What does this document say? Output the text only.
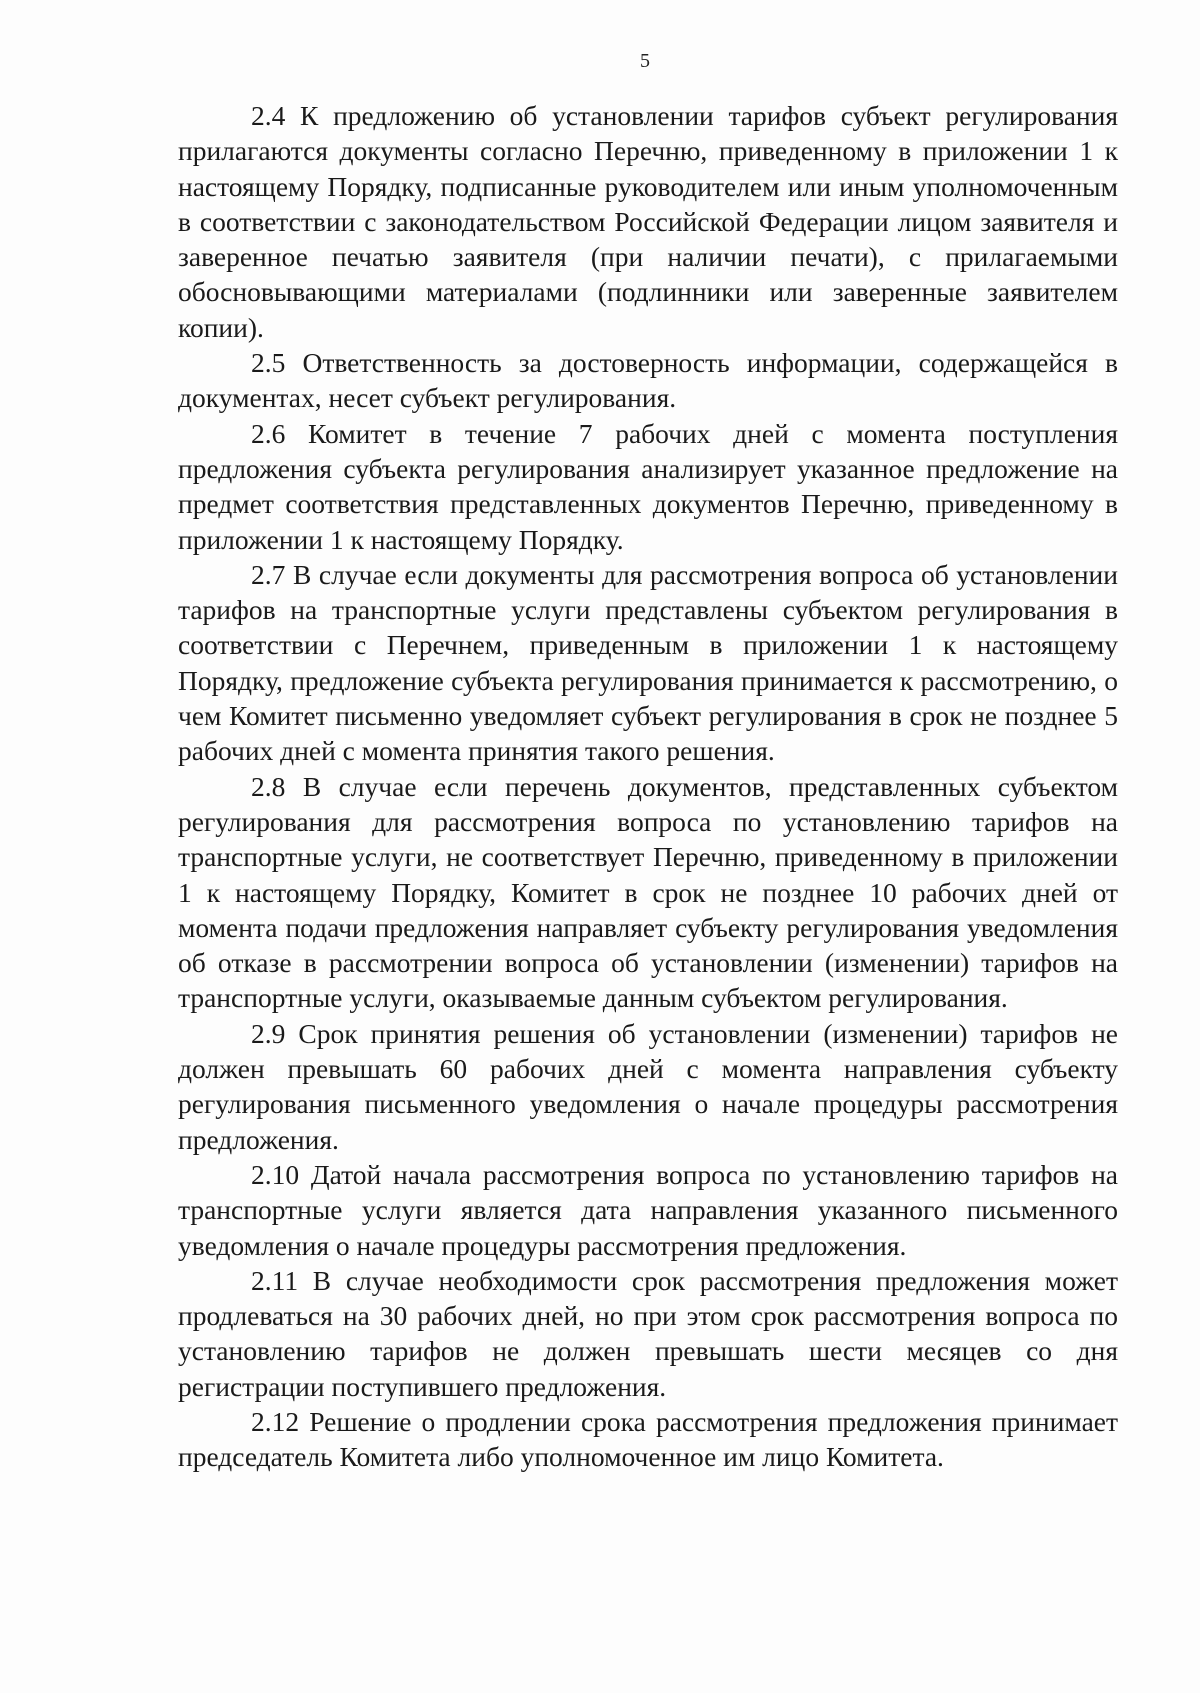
5

2.4 К предложению об установлении тарифов субъект регулирования прилагаются документы согласно Перечню, приведенному в приложении 1 к настоящему Порядку, подписанные руководителем или иным уполномоченным в соответствии с законодательством Российской Федерации лицом заявителя и заверенное печатью заявителя (при наличии печати), с прилагаемыми обосновывающими материалами (подлинники или заверенные заявителем копии).

2.5 Ответственность за достоверность информации, содержащейся в документах, несет субъект регулирования.

2.6 Комитет в течение 7 рабочих дней с момента поступления предложения субъекта регулирования анализирует указанное предложение на предмет соответствия представленных документов Перечню, приведенному в приложении 1 к настоящему Порядку.

2.7 В случае если документы для рассмотрения вопроса об установлении тарифов на транспортные услуги представлены субъектом регулирования в соответствии с Перечнем, приведенным в приложении 1 к настоящему Порядку, предложение субъекта регулирования принимается к рассмотрению, о чем Комитет письменно уведомляет субъект регулирования в срок не позднее 5 рабочих дней с момента принятия такого решения.

2.8 В случае если перечень документов, представленных субъектом регулирования для рассмотрения вопроса по установлению тарифов на транспортные услуги, не соответствует Перечню, приведенному в приложении 1 к настоящему Порядку, Комитет в срок не позднее 10 рабочих дней от момента подачи предложения направляет субъекту регулирования уведомления об отказе в рассмотрении вопроса об установлении (изменении) тарифов на транспортные услуги, оказываемые данным субъектом регулирования.

2.9 Срок принятия решения об установлении (изменении) тарифов не должен превышать 60 рабочих дней с момента направления субъекту регулирования письменного уведомления о начале процедуры рассмотрения предложения.

2.10 Датой начала рассмотрения вопроса по установлению тарифов на транспортные услуги является дата направления указанного письменного уведомления о начале процедуры рассмотрения предложения.

2.11 В случае необходимости срок рассмотрения предложения может продлеваться на 30 рабочих дней, но при этом срок рассмотрения вопроса по установлению тарифов не должен превышать шести месяцев со дня регистрации поступившего предложения.

2.12 Решение о продлении срока рассмотрения предложения принимает председатель Комитета либо уполномоченное им лицо Комитета.
